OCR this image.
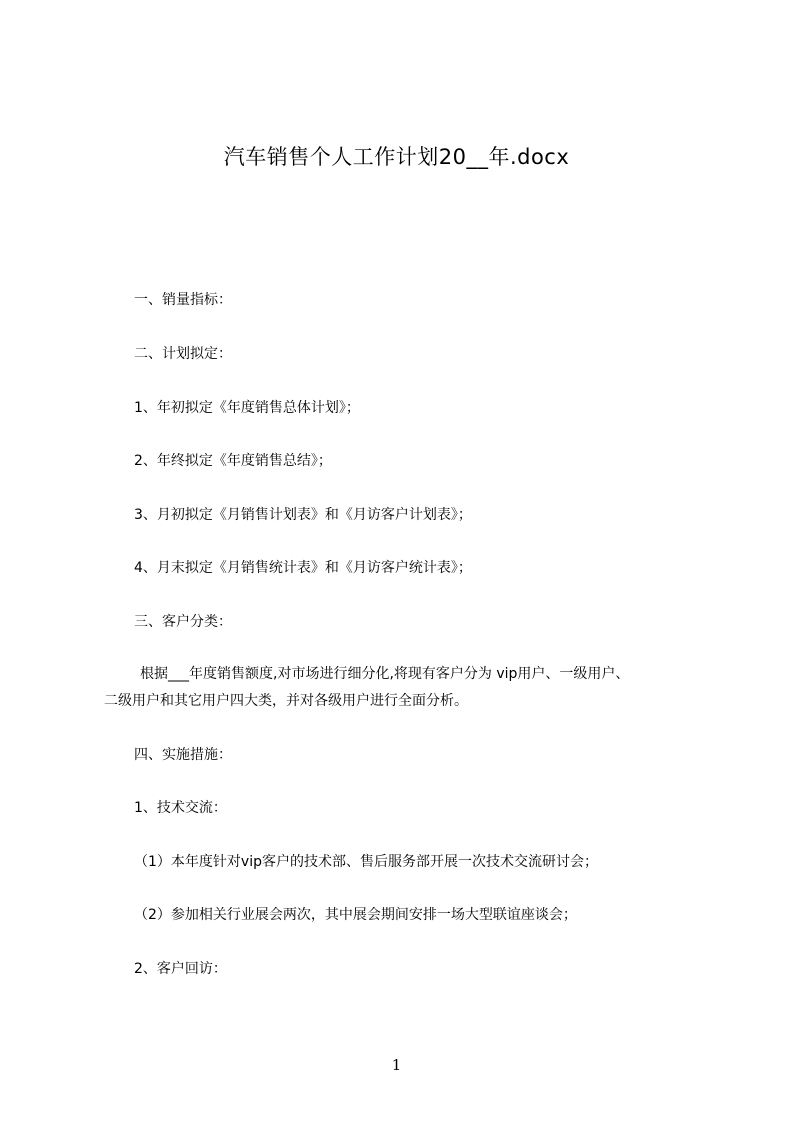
汽车销售个人工作计划20__年.docx
一、销量指标：
二、计划拟定：
1、年初拟定《年度销售总体计划》；
2、年终拟定《年度销售总结》；
3、月初拟定《月销售计划表》和《月访客户计划表》；
4、月末拟定《月销售统计表》和《月访客户统计表》；
三、客户分类：
根据___年度销售额度,对市场进行细分化,将现有客户分为 vip用户、一级用户、
二级用户和其它用户四大类，并对各级用户进行全面分析。
四、实施措施：
1、技术交流：
（1）本年度针对vip客户的技术部、售后服务部开展一次技术交流研讨会；
（2）参加相关行业展会两次，其中展会期间安排一场大型联谊座谈会；
2、客户回访：
1
